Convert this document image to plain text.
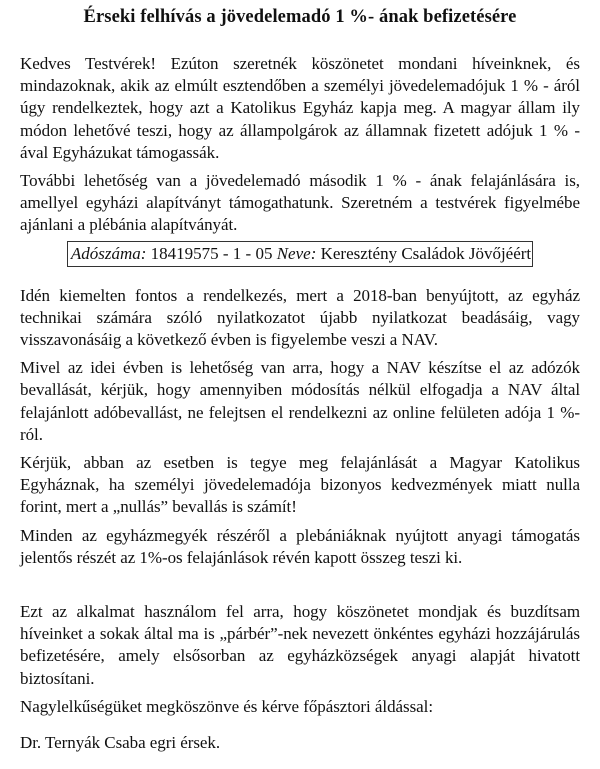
Érseki felhívás a jövedelemadó 1 %- ának befizetésére

Kedves Testvérek! Ezúton szeretnék köszönetet mondani híveinknek, és mindazoknak, akik az elmúlt esztendőben a személyi jövedelemadójuk 1 % - áról úgy rendelkeztek, hogy azt a Katolikus Egyház kapja meg. A magyar állam ily módon lehetővé teszi, hogy az állampolgárok az államnak fizetett adójuk 1 % - ával Egyházukat támogassák.

További lehetőség van a jövedelemadó második 1 % - ának felajánlására is, amellyel egyházi alapítványt támogathatunk. Szeretném a testvérek figyelmébe ajánlani a plébánia alapítványát.

Adószáma: 18419575 - 1 - 05 Neve: Keresztény Családok Jövőjéért

Idén kiemelten fontos a rendelkezés, mert a 2018-ban benyújtott, az egyház technikai számára szóló nyilatkozatot újabb nyilatkozat beadásáig, vagy visszavonásáig a következő évben is figyelembe veszi a NAV.

Mivel az idei évben is lehetőség van arra, hogy a NAV készítse el az adózók bevallását, kérjük, hogy amennyiben módosítás nélkül elfogadja a NAV által felajánlott adóbevallást, ne felejtsen el rendelkezni az online felületen adója 1 %-ról.

Kérjük, abban az esetben is tegye meg felajánlását a Magyar Katolikus Egyháznak, ha személyi jövedelemadója bizonyos kedvezmények miatt nulla forint, mert a „nullás” bevallás is számít!

Minden az egyházmegyék részéről a plebániáknak nyújtott anyagi támogatás jelentős részét az 1%-os felajánlások révén kapott összeg teszi ki.

Ezt az alkalmat használom fel arra, hogy köszönetet mondjak és buzdítsam híveinket a sokak által ma is „párbér”-nek nevezett önkéntes egyházi hozzájárulás befizetésére, amely elsősorban az egyházközségek anyagi alapját hivatott biztosítani.

Nagylelkűségüket megköszönve és kérve főpásztori áldással:

Dr. Ternyák Csaba egri érsek.
